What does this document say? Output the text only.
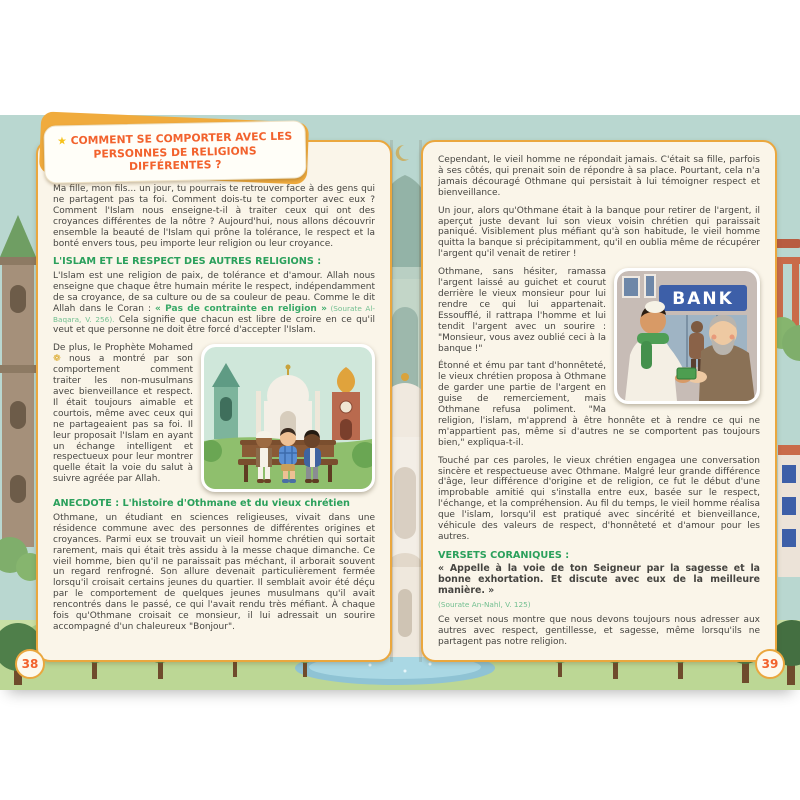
Ma fille, mon fils... un jour, tu pourrais te retrouver face à des gens qui ne partagent pas ta foi. Comment dois-tu te comporter avec eux ? Comment l'Islam nous enseigne-t-il à traiter ceux qui ont des croyances différentes de la nôtre ? Aujourd'hui, nous allons découvrir ensemble la beauté de l'Islam qui prône la tolérance, le respect et la bonté envers tous, peu importe leur religion ou leur croyance.

L'ISLAM ET LE RESPECT DES AUTRES RELIGIONS :

L'Islam est une religion de paix, de tolérance et d'amour. Allah nous enseigne que chaque être humain mérite le respect, indépendamment de sa croyance, de sa culture ou de sa couleur de peau. Comme le dit Allah dans le Coran : « Pas de contrainte en religion » (Sourate Al-Baqara, V. 256). Cela signifie que chacun est libre de croire en ce qu'il veut et que personne ne doit être forcé d'accepter l'Islam.

De plus, le Prophète Mohamed ❁ nous a montré par son comportement comment traiter les non-musulmans avec bienveillance et respect. Il était toujours aimable et courtois, même avec ceux qui ne partageaient pas sa foi. Il leur proposait l'Islam en ayant un échange intelligent et respectueux pour leur montrer quelle était la voie du salut à suivre agréée par Allah.

ANECDOTE : L'histoire d'Othmane et du vieux chrétien

Othmane, un étudiant en sciences religieuses, vivait dans une résidence commune avec des personnes de différentes origines et croyances. Parmi eux se trouvait un vieil homme chrétien qui sortait rarement, mais qui était très assidu à la messe chaque dimanche. Ce vieil homme, bien qu'il ne paraissait pas méchant, il arborait souvent un regard renfrogné. Son allure devenait particulièrement fermée lorsqu'il croisait certains jeunes du quartier. Il semblait avoir été déçu par le comportement de quelques jeunes musulmans qu'il avait rencontrés dans le passé, ce qui l'avait rendu très méfiant. À chaque fois qu'Othmane croisait ce monsieur, il lui adressait un sourire accompagné d'un chaleureux "Bonjour".

Cependant, le vieil homme ne répondait jamais. C'était sa fille, parfois à ses côtés, qui prenait soin de répondre à sa place. Pourtant, cela n'a jamais découragé Othmane qui persistait à lui témoigner respect et bienveillance.

Un jour, alors qu'Othmane était à la banque pour retirer de l'argent, il aperçut juste devant lui son vieux voisin chrétien qui paraissait paniqué. Visiblement plus méfiant qu'à son habitude, le vieil homme quitta la banque si précipitamment, qu'il en oublia même de récupérer l'argent qu'il venait de retirer !

BANK

Othmane, sans hésiter, ramassa l'argent laissé au guichet et courut derrière le vieux monsieur pour lui rendre ce qui lui appartenait. Essoufflé, il rattrapa l'homme et lui tendit l'argent avec un sourire : "Monsieur, vous avez oublié ceci à la banque !"

Étonné et ému par tant d'honnêteté, le vieux chrétien proposa à Othmane de garder une partie de l'argent en guise de remerciement, mais Othmane refusa poliment. "Ma religion, l'islam, m'apprend à être honnête et à rendre ce qui ne m'appartient pas, même si d'autres ne se comportent pas toujours bien," expliqua-t-il.

Touché par ces paroles, le vieux chrétien engagea une conversation sincère et respectueuse avec Othmane. Malgré leur grande différence d'âge, leur différence d'origine et de religion, ce fut le début d'une improbable amitié qui s'installa entre eux, basée sur le respect, l'échange, et la compréhension. Au fil du temps, le vieil homme réalisa que l'islam, lorsqu'il est pratiqué avec sincérité et bienveillance, véhicule des valeurs de respect, d'honnêteté et d'amour pour les autres.

VERSETS CORANIQUES :

« Appelle à la voie de ton Seigneur par la sagesse et la bonne exhortation. Et discute avec eux de la meilleure manière. »

(Sourate An-Nahl, V. 125)

Ce verset nous montre que nous devons toujours nous adresser aux autres avec respect, gentillesse, et sagesse, même lorsqu'ils ne partagent pas notre religion.

★ COMMENT SE COMPORTER AVEC LES
PERSONNES DE RELIGIONS DIFFÉRENTES ?
38	39
